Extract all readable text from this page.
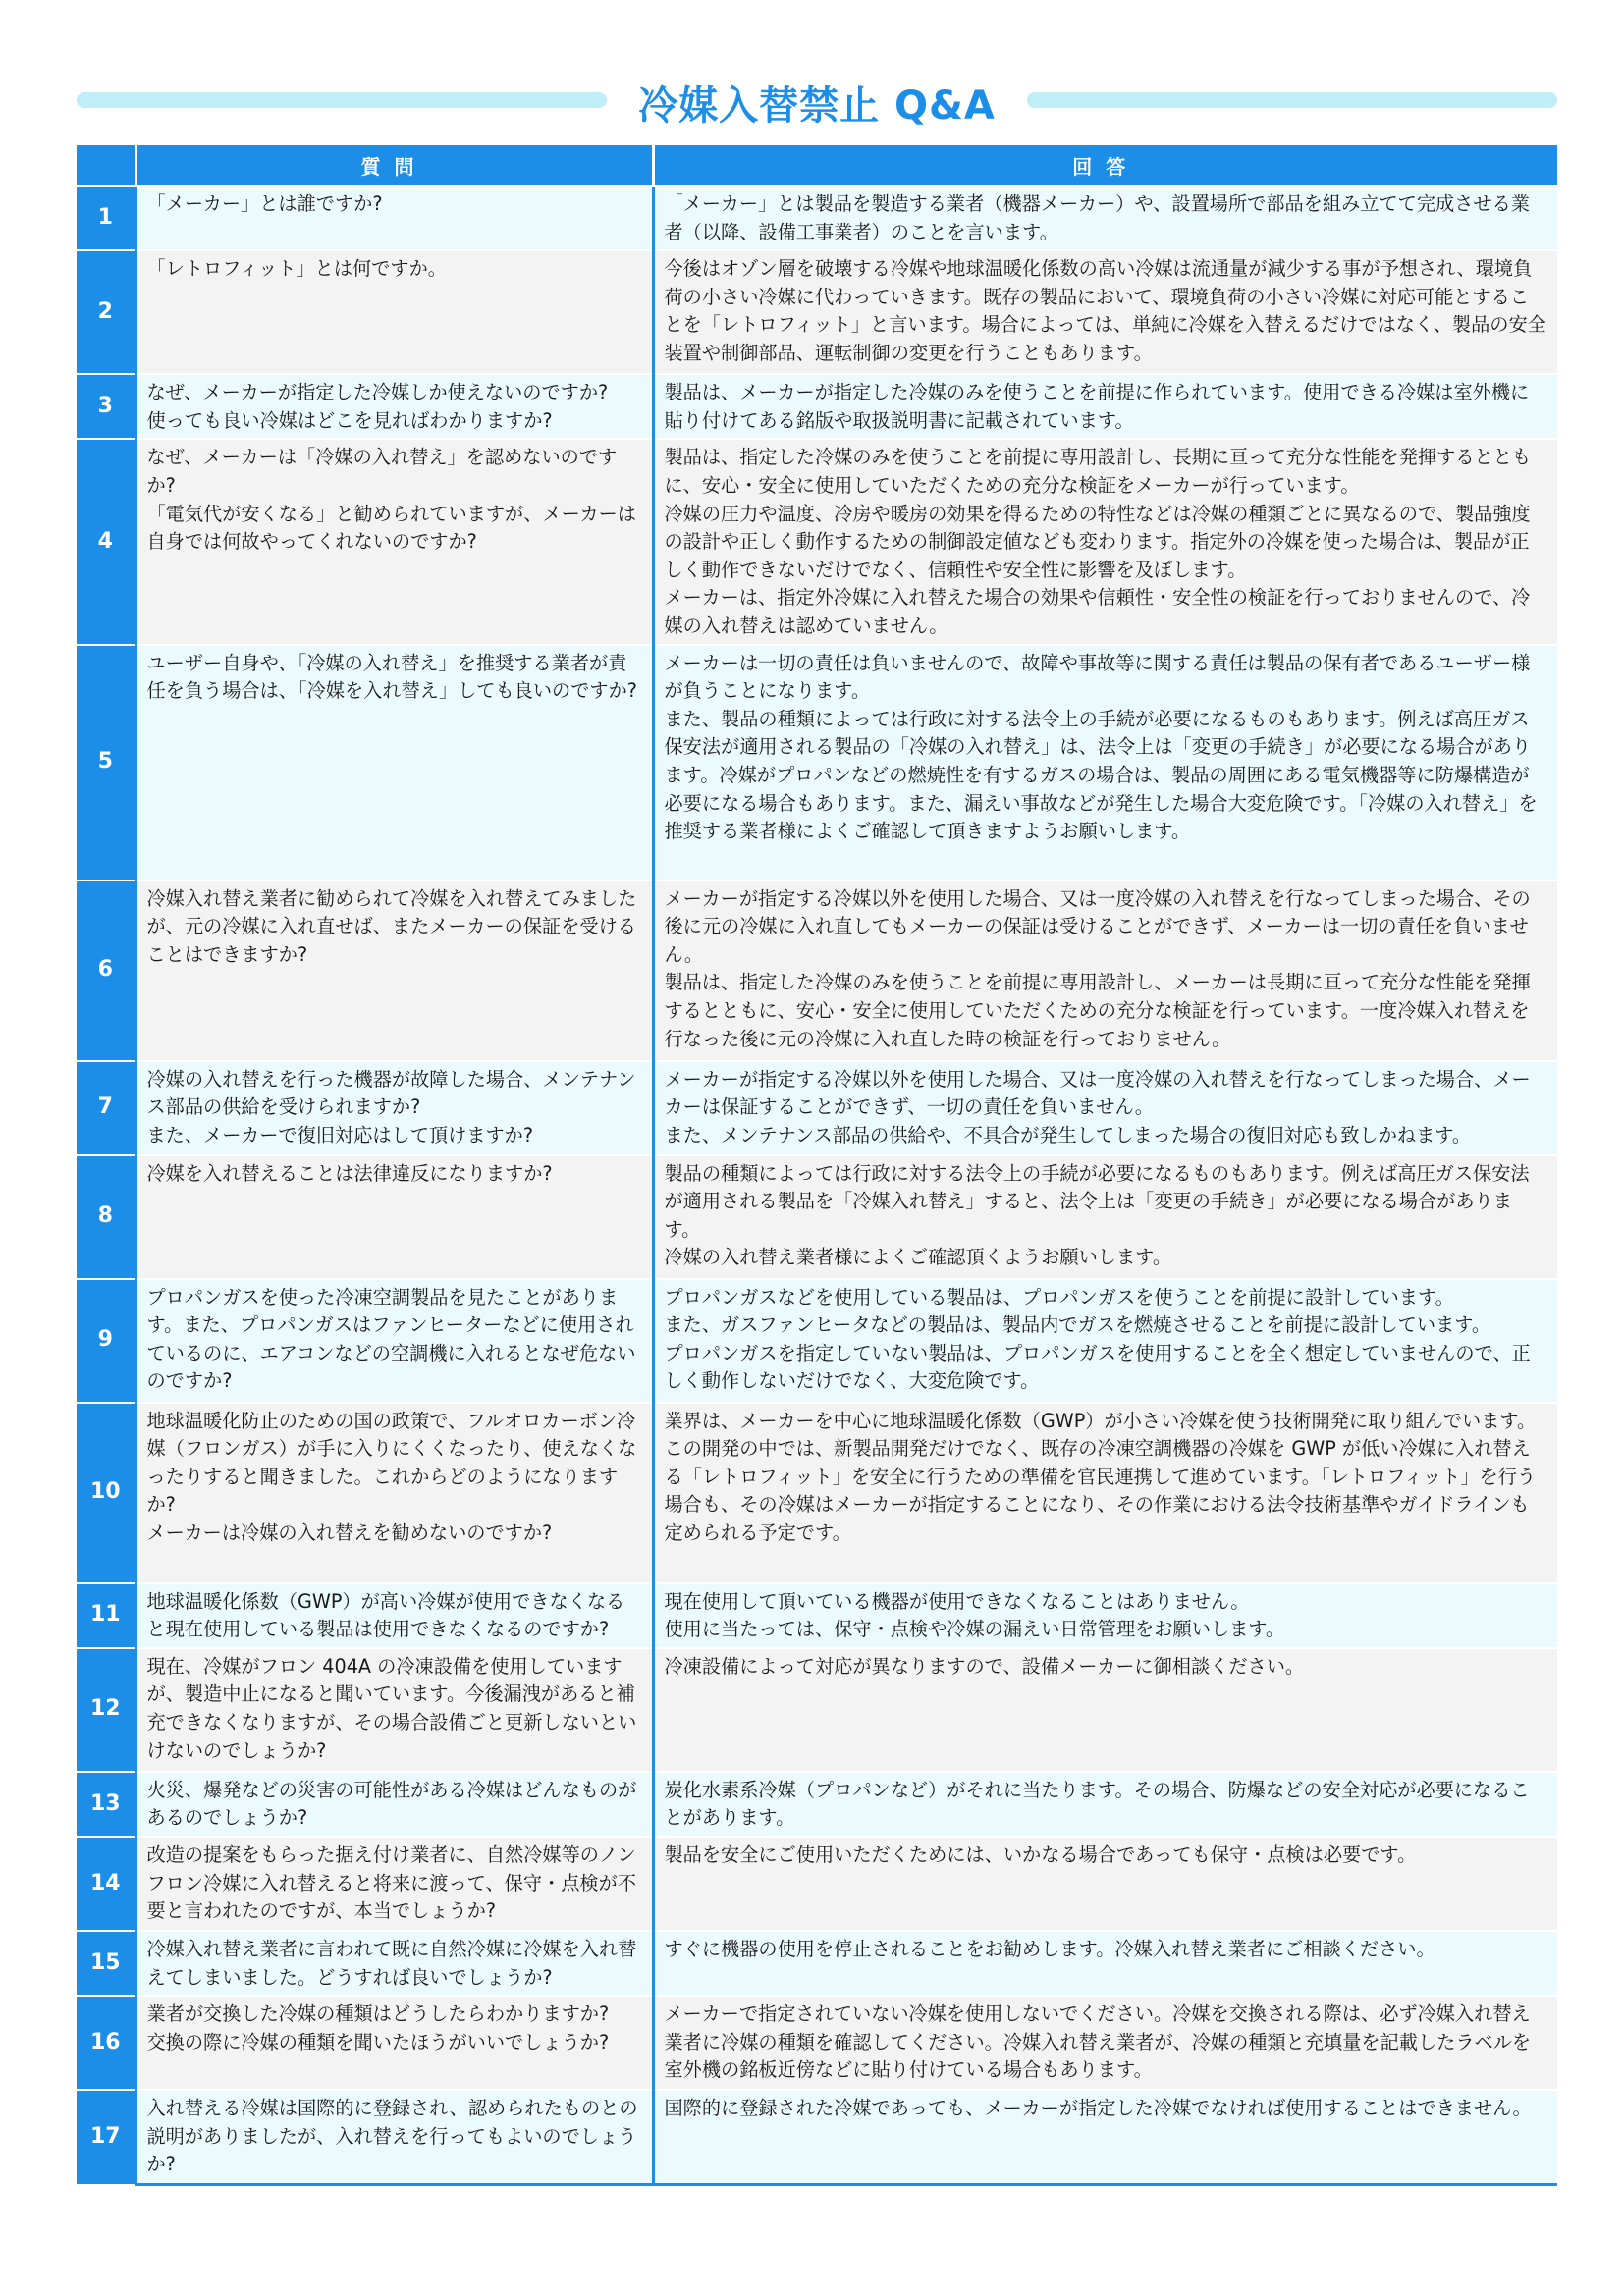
冷媒入替禁止 Q&A
	質問	回答
1	「メーカー」とは誰ですか?	「メーカー」とは製品を製造する業者（機器メーカー）や、設置場所で部品を組み立てて完成させる業者（以降、設備工事業者）のことを言います。

2	「レトロフィット」とは何ですか。	今後はオゾン層を破壊する冷媒や地球温暖化係数の高い冷媒は流通量が減少する事が予想され、環境負荷の小さい冷媒に代わっていきます。既存の製品において、環境負荷の小さい冷媒に対応可能とすることを「レトロフィット」と言います。場合によっては、単純に冷媒を入替えるだけではなく、製品の安全装置や制御部品、運転制御の変更を行うこともあります。

3	なぜ、メーカーが指定した冷媒しか使えないのですか?
使っても良い冷媒はどこを見ればわかりますか?	製品は、メーカーが指定した冷媒のみを使うことを前提に作られています。使用できる冷媒は室外機に貼り付けてある銘版や取扱説明書に記載されています。

4	なぜ、メーカーは「冷媒の入れ替え」を認めないのですか?
「電気代が安くなる」と勧められていますが、メーカーは自身では何故やってくれないのですか?	製品は、指定した冷媒のみを使うことを前提に専用設計し、長期に亘って充分な性能を発揮するとともに、安心・安全に使用していただくための充分な検証をメーカーが行っています。
冷媒の圧力や温度、冷房や暖房の効果を得るための特性などは冷媒の種類ごとに異なるので、製品強度の設計や正しく動作するための制御設定値なども変わります。指定外の冷媒を使った場合は、製品が正しく動作できないだけでなく、信頼性や安全性に影響を及ぼします。
メーカーは、指定外冷媒に入れ替えた場合の効果や信頼性・安全性の検証を行っておりませんので、冷媒の入れ替えは認めていません。

5	ユーザー自身や、「冷媒の入れ替え」を推奨する業者が責任を負う場合は、「冷媒を入れ替え」しても良いのですか?	メーカーは一切の責任は負いませんので、故障や事故等に関する責任は製品の保有者であるユーザー様が負うことになります。
また、製品の種類によっては行政に対する法令上の手続が必要になるものもあります。例えば高圧ガス保安法が適用される製品の「冷媒の入れ替え」は、法令上は「変更の手続き」が必要になる場合があります。冷媒がプロパンなどの燃焼性を有するガスの場合は、製品の周囲にある電気機器等に防爆構造が必要になる場合もあります。また、漏えい事故などが発生した場合大変危険です。「冷媒の入れ替え」を推奨する業者様によくご確認して頂きますようお願いします。

6	冷媒入れ替え業者に勧められて冷媒を入れ替えてみましたが、元の冷媒に入れ直せば、またメーカーの保証を受けることはできますか?	メーカーが指定する冷媒以外を使用した場合、又は一度冷媒の入れ替えを行なってしまった場合、その後に元の冷媒に入れ直してもメーカーの保証は受けることができず、メーカーは一切の責任を負いません。
製品は、指定した冷媒のみを使うことを前提に専用設計し、メーカーは長期に亘って充分な性能を発揮するとともに、安心・安全に使用していただくための充分な検証を行っています。一度冷媒入れ替えを行なった後に元の冷媒に入れ直した時の検証を行っておりません。

7	冷媒の入れ替えを行った機器が故障した場合、メンテナンス部品の供給を受けられますか?
また、メーカーで復旧対応はして頂けますか?	メーカーが指定する冷媒以外を使用した場合、又は一度冷媒の入れ替えを行なってしまった場合、メーカーは保証することができず、一切の責任を負いません。
また、メンテナンス部品の供給や、不具合が発生してしまった場合の復旧対応も致しかねます。

8	冷媒を入れ替えることは法律違反になりますか?	製品の種類によっては行政に対する法令上の手続が必要になるものもあります。例えば高圧ガス保安法が適用される製品を「冷媒入れ替え」すると、法令上は「変更の手続き」が必要になる場合があります。
冷媒の入れ替え業者様によくご確認頂くようお願いします。

9	プロパンガスを使った冷凍空調製品を見たことがあります。また、プロパンガスはファンヒーターなどに使用されているのに、エアコンなどの空調機に入れるとなぜ危ないのですか?	プロパンガスなどを使用している製品は、プロパンガスを使うことを前提に設計しています。
また、ガスファンヒータなどの製品は、製品内でガスを燃焼させることを前提に設計しています。
プロパンガスを指定していない製品は、プロパンガスを使用することを全く想定していませんので、正しく動作しないだけでなく、大変危険です。

10	地球温暖化防止のための国の政策で、フルオロカーボン冷媒（フロンガス）が手に入りにくくなったり、使えなくなったりすると聞きました。これからどのようになりますか?
メーカーは冷媒の入れ替えを勧めないのですか?	業界は、メーカーを中心に地球温暖化係数（GWP）が小さい冷媒を使う技術開発に取り組んでいます。
この開発の中では、新製品開発だけでなく、既存の冷凍空調機器の冷媒を GWP が低い冷媒に入れ替える「レトロフィット」を安全に行うための準備を官民連携して進めています。「レトロフィット」を行う場合も、その冷媒はメーカーが指定することになり、その作業における法令技術基準やガイドラインも定められる予定です。

11	地球温暖化係数（GWP）が高い冷媒が使用できなくなると現在使用している製品は使用できなくなるのですか?	現在使用して頂いている機器が使用できなくなることはありません。
使用に当たっては、保守・点検や冷媒の漏えい日常管理をお願いします。

12	現在、冷媒がフロン 404A の冷凍設備を使用していますが、製造中止になると聞いています。今後漏洩があると補充できなくなりますが、その場合設備ごと更新しないといけないのでしょうか?	冷凍設備によって対応が異なりますので、設備メーカーに御相談ください。

13	火災、爆発などの災害の可能性がある冷媒はどんなものがあるのでしょうか?	炭化水素系冷媒（プロパンなど）がそれに当たります。その場合、防爆などの安全対応が必要になることがあります。

14	改造の提案をもらった据え付け業者に、自然冷媒等のノンフロン冷媒に入れ替えると将来に渡って、保守・点検が不要と言われたのですが、本当でしょうか?	製品を安全にご使用いただくためには、いかなる場合であっても保守・点検は必要です。

15	冷媒入れ替え業者に言われて既に自然冷媒に冷媒を入れ替えてしまいました。どうすれば良いでしょうか?	すぐに機器の使用を停止されることをお勧めします。冷媒入れ替え業者にご相談ください。

16	業者が交換した冷媒の種類はどうしたらわかりますか?
交換の際に冷媒の種類を聞いたほうがいいでしょうか?	メーカーで指定されていない冷媒を使用しないでください。冷媒を交換される際は、必ず冷媒入れ替え業者に冷媒の種類を確認してください。冷媒入れ替え業者が、冷媒の種類と充填量を記載したラベルを室外機の銘板近傍などに貼り付けている場合もあります。

17	入れ替える冷媒は国際的に登録され、認められたものとの説明がありましたが、入れ替えを行ってもよいのでしょうか?	国際的に登録された冷媒であっても、メーカーが指定した冷媒でなければ使用することはできません。
